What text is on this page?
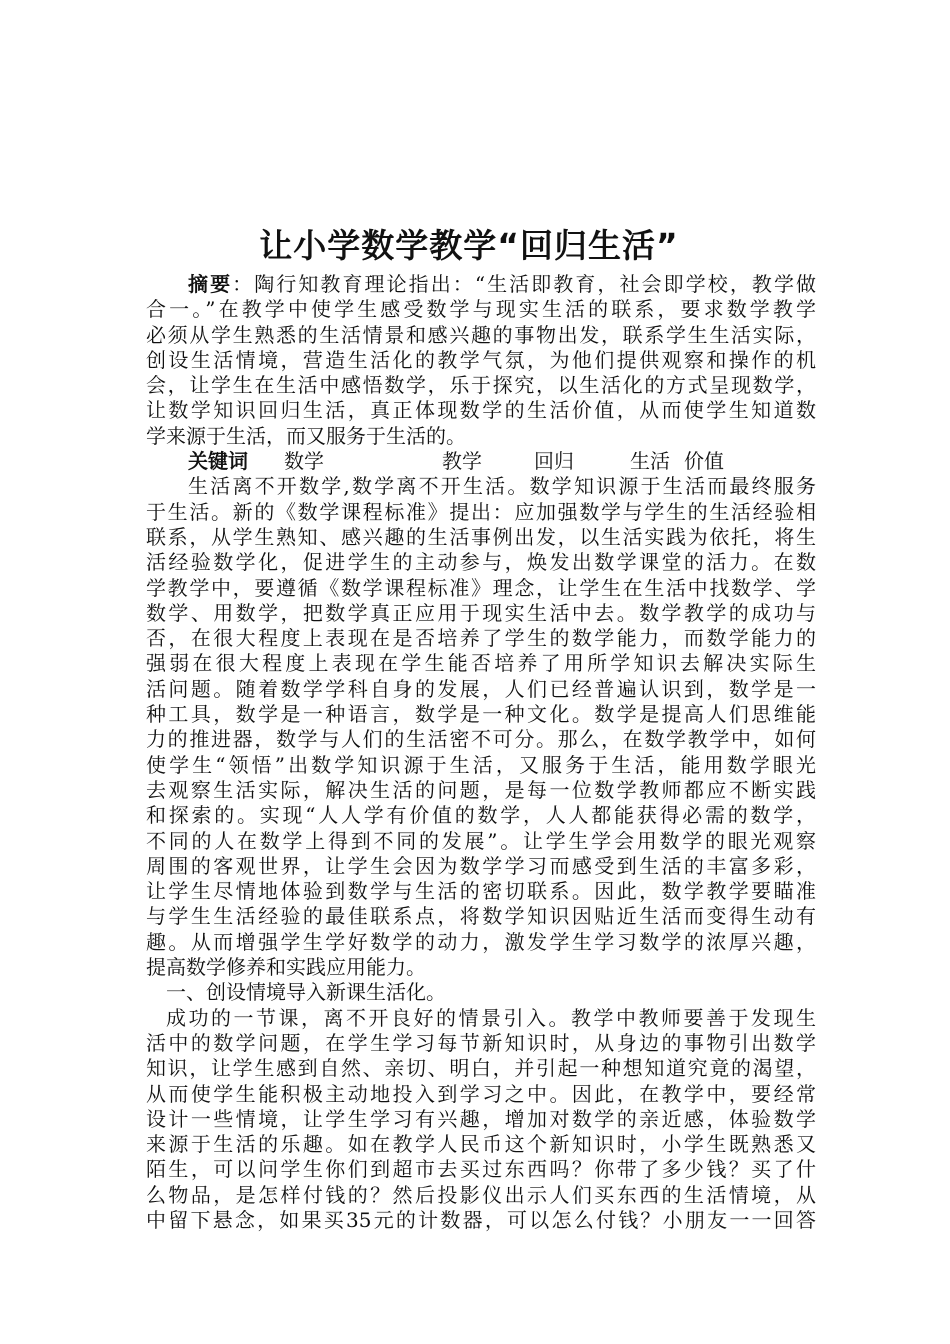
让小学数学教学“回归生活”
摘要：陶行知教育理论指出：“生活即教育，社会即学校，教学做
合一。”在教学中使学生感受数学与现实生活的联系，要求数学教学
必须从学生熟悉的生活情景和感兴趣的事物出发，联系学生生活实际，
创设生活情境，营造生活化的教学气氛，为他们提供观察和操作的机
会，让学生在生活中感悟数学，乐于探究，以生活化的方式呈现数学，
让数学知识回归生活，真正体现数学的生活价值，从而使学生知道数
学来源于生活，而又服务于生活的。
关键词 数学	教学	回归	生活 价值
生活离不开数学,数学离不开生活。数学知识源于生活而最终服务
于生活。新的《数学课程标准》提出：应加强数学与学生的生活经验相
联系，从学生熟知、感兴趣的生活事例出发，以生活实践为依托，将生
活经验数学化，促进学生的主动参与，焕发出数学课堂的活力。在数
学教学中，要遵循《数学课程标准》理念，让学生在生活中找数学、学
数学、用数学，把数学真正应用于现实生活中去。数学教学的成功与
否，在很大程度上表现在是否培养了学生的数学能力，而数学能力的
强弱在很大程度上表现在学生能否培养了用所学知识去解决实际生
活问题。随着数学学科自身的发展，人们已经普遍认识到，数学是一
种工具，数学是一种语言，数学是一种文化。数学是提高人们思维能
力的推进器，数学与人们的生活密不可分。那么，在数学教学中，如何
使学生“领悟”出数学知识源于生活，又服务于生活，能用数学眼光
去观察生活实际，解决生活的问题，是每一位数学教师都应不断实践
和探索的。实现“人人学有价值的数学，人人都能获得必需的数学，
不同的人在数学上得到不同的发展”。让学生学会用数学的眼光观察
周围的客观世界，让学生会因为数学学习而感受到生活的丰富多彩，
让学生尽情地体验到数学与生活的密切联系。因此，数学教学要瞄准
与学生生活经验的最佳联系点，将数学知识因贴近生活而变得生动有
趣。从而增强学生学好数学的动力，激发学生学习数学的浓厚兴趣，
提高数学修养和实践应用能力。
一、创设情境导入新课生活化。
成功的一节课，离不开良好的情景引入。教学中教师要善于发现生
活中的数学问题，在学生学习每节新知识时，从身边的事物引出数学
知识，让学生感到自然、亲切、明白，并引起一种想知道究竟的渴望，
从而使学生能积极主动地投入到学习之中。因此，在教学中，要经常
设计一些情境，让学生学习有兴趣，增加对数学的亲近感，体验数学
来源于生活的乐趣。如在教学人民币这个新知识时，小学生既熟悉又
陌生，可以问学生你们到超市去买过东西吗？你带了多少钱？买了什
么物品，是怎样付钱的？然后投影仪出示人们买东西的生活情境，从
中留下悬念，如果买35元的计数器，可以怎么付钱？小朋友一一回答
